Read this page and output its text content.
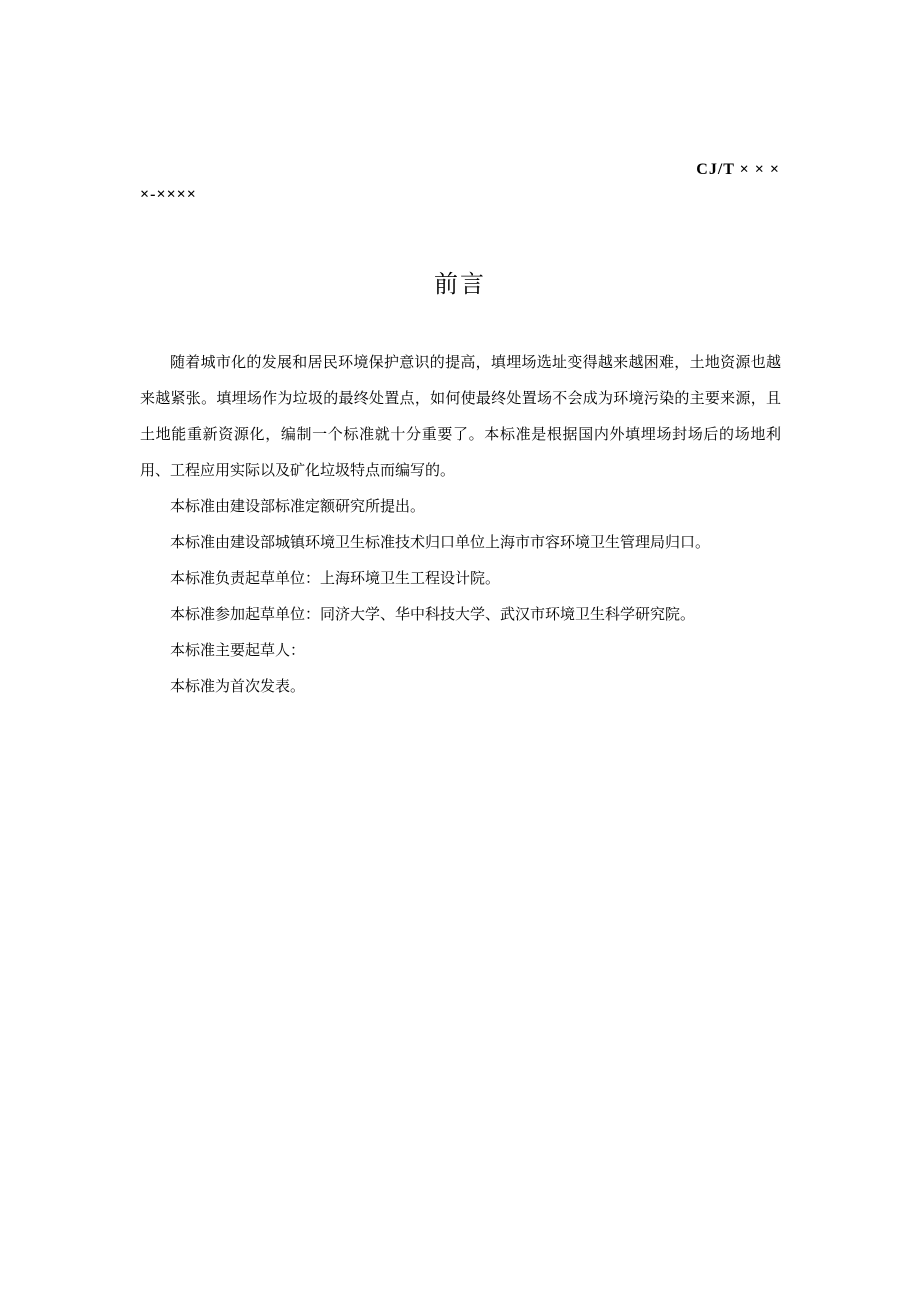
CJ/T × × ×
×-××××
前言

随着城市化的发展和居民环境保护意识的提高，填埋场选址变得越来越困难，土地资源也越来越紧张。填埋场作为垃圾的最终处置点，如何使最终处置场不会成为环境污染的主要来源，且土地能重新资源化，编制一个标准就十分重要了。本标准是根据国内外填埋场封场后的场地利用、工程应用实际以及矿化垃圾特点而编写的。

本标准由建设部标准定额研究所提出。

本标准由建设部城镇环境卫生标准技术归口单位上海市市容环境卫生管理局归口。

本标准负责起草单位：上海环境卫生工程设计院。

本标准参加起草单位：同济大学、华中科技大学、武汉市环境卫生科学研究院。

本标准主要起草人：

本标准为首次发表。
